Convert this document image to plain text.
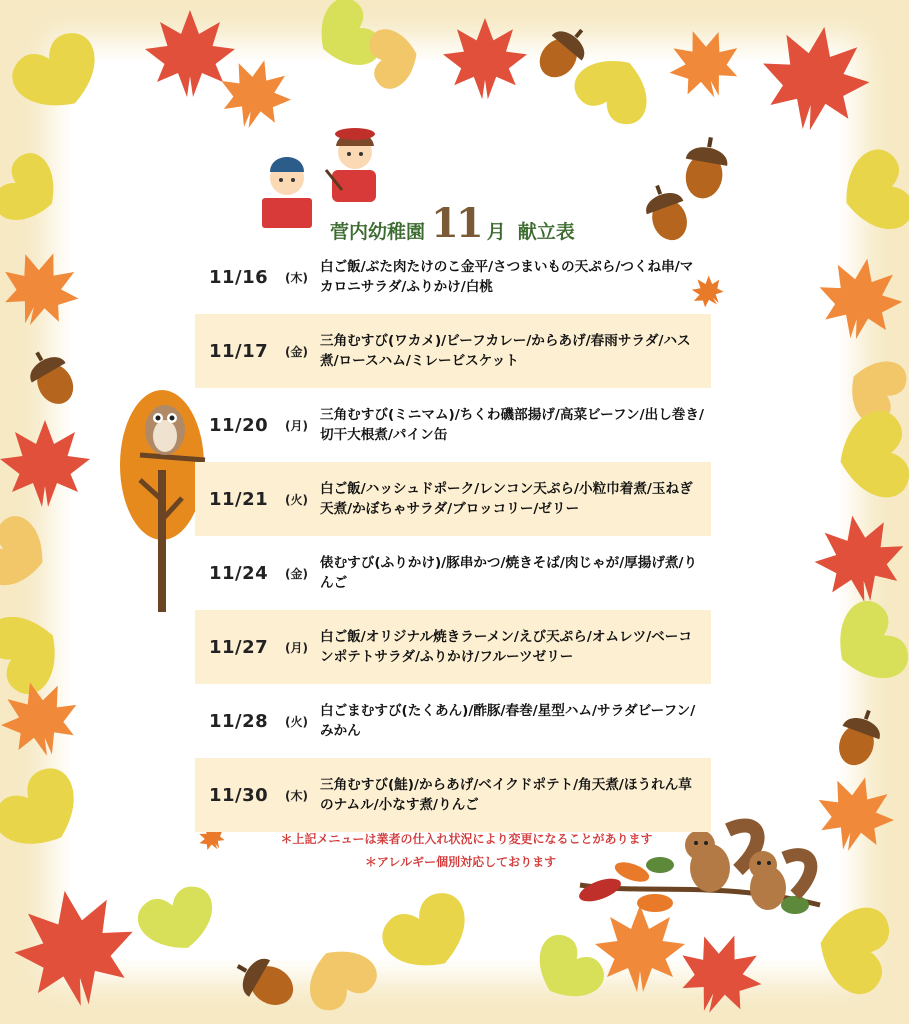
菅内幼稚園 11 月 献立表
11/16 (木)
白ご飯/ぶた肉たけのこ金平/さつまいもの天ぷら/つくね串/マカロニサラダ/ふりかけ/白桃
11/17 (金)
三角むすび(ワカメ)/ビーフカレー/からあげ/春雨サラダ/ハス煮/ロースハム/ミレービスケット
11/20 (月)
三角むすび(ミニマム)/ちくわ磯部揚げ/高菜ビーフン/出し巻き/切干大根煮/パイン缶
11/21 (火)
白ご飯/ハッシュドポーク/レンコン天ぷら/小粒巾着煮/玉ねぎ天煮/かぼちゃサラダ/ブロッコリー/ゼリー
11/24 (金)
俵むすび(ふりかけ)/豚串かつ/焼きそば/肉じゃが/厚揚げ煮/りんご
11/27 (月)
白ご飯/オリジナル焼きラーメン/えび天ぷら/オムレツ/ベーコンポテトサラダ/ふりかけ/フルーツゼリー
11/28 (火)
白ごまむすび(たくあん)/酢豚/春巻/星型ハム/サラダビーフン/みかん
11/30 (木)
三角むすび(鮭)/からあげ/ベイクドポテト/角天煮/ほうれん草のナムル/小なす煮/りんご
＊上記メニューは業者の仕入れ状況により変更になることがあります
＊アレルギー個別対応しております
